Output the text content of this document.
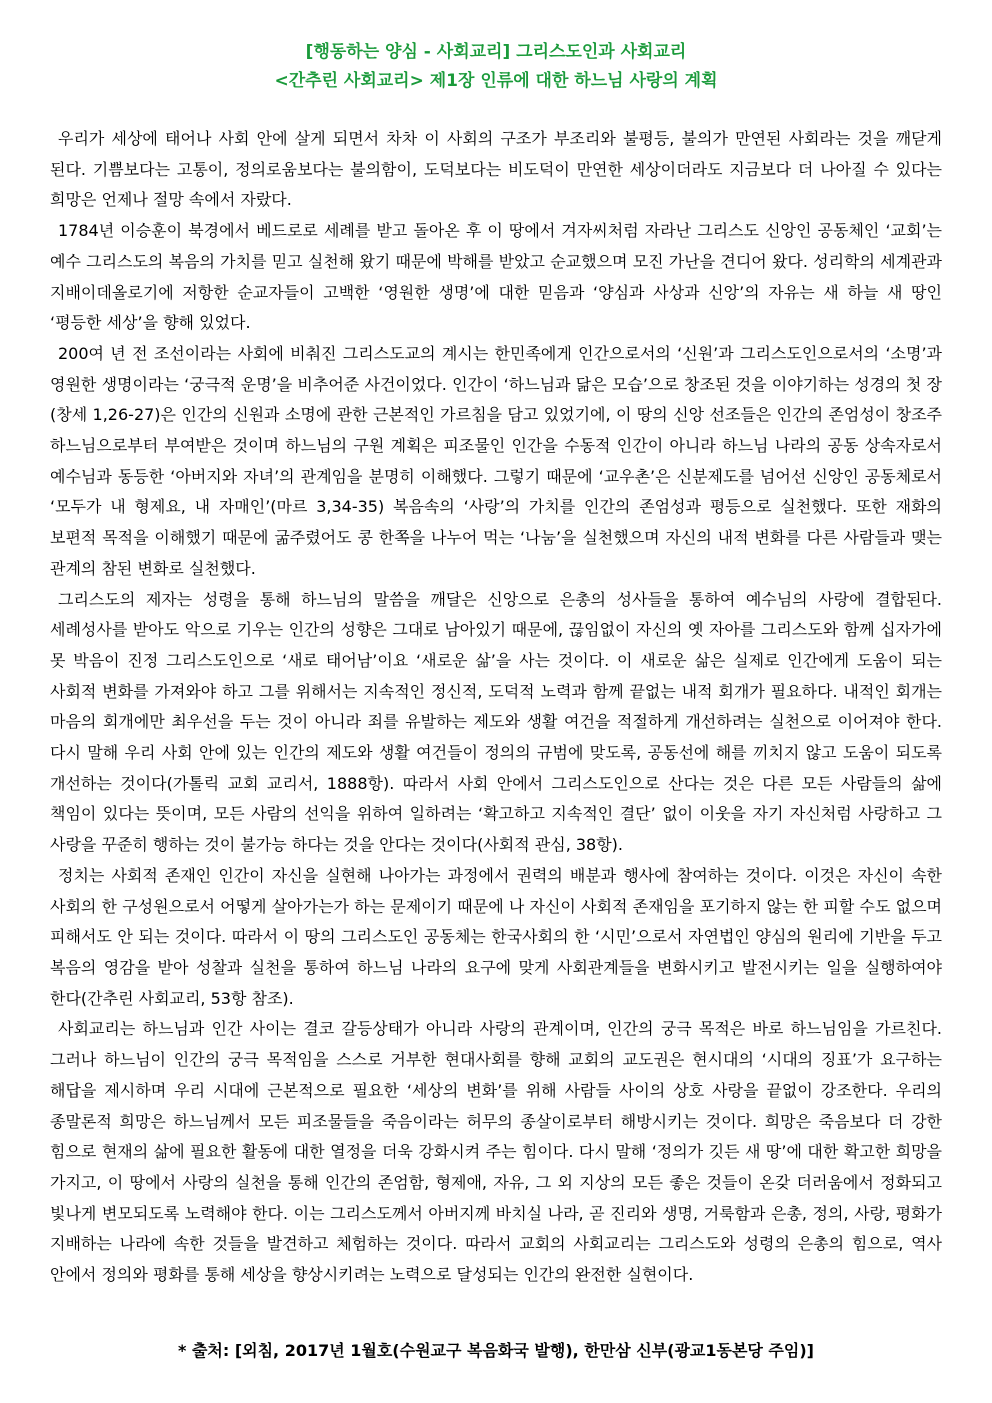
[행동하는 양심 - 사회교리] 그리스도인과 사회교리
<간추린 사회교리> 제1장 인류에 대한 하느님 사랑의 계획

우리가 세상에 태어나 사회 안에 살게 되면서 차차 이 사회의 구조가 부조리와 불평등, 불의가 만연된 사회라는 것을 깨닫게 된다. 기쁨보다는 고통이, 정의로움보다는 불의함이, 도덕보다는 비도덕이 만연한 세상이더라도 지금보다 더 나아질 수 있다는 희망은 언제나 절망 속에서 자랐다.

1784년 이승훈이 북경에서 베드로로 세례를 받고 돌아온 후 이 땅에서 겨자씨처럼 자라난 그리스도 신앙인 공동체인 ‘교회’는 예수 그리스도의 복음의 가치를 믿고 실천해 왔기 때문에 박해를 받았고 순교했으며 모진 가난을 견디어 왔다. 성리학의 세계관과 지배이데올로기에 저항한 순교자들이 고백한 ‘영원한 생명’에 대한 믿음과 ‘양심과 사상과 신앙’의 자유는 새 하늘 새 땅인 ‘평등한 세상’을 향해 있었다.

200여 년 전 조선이라는 사회에 비춰진 그리스도교의 계시는 한민족에게 인간으로서의 ‘신원’과 그리스도인으로서의 ‘소명’과 영원한 생명이라는 ‘궁극적 운명’을 비추어준 사건이었다. 인간이 ‘하느님과 닮은 모습’으로 창조된 것을 이야기하는 성경의 첫 장(창세 1,26-27)은 인간의 신원과 소명에 관한 근본적인 가르침을 담고 있었기에, 이 땅의 신앙 선조들은 인간의 존엄성이 창조주 하느님으로부터 부여받은 것이며 하느님의 구원 계획은 피조물인 인간을 수동적 인간이 아니라 하느님 나라의 공동 상속자로서 예수님과 동등한 ‘아버지와 자녀’의 관계임을 분명히 이해했다. 그렇기 때문에 ‘교우촌’은 신분제도를 넘어선 신앙인 공동체로서 ‘모두가 내 형제요, 내 자매인’(마르 3,34-35) 복음속의 ‘사랑’의 가치를 인간의 존엄성과 평등으로 실천했다. 또한 재화의 보편적 목적을 이해했기 때문에 굶주렸어도 콩 한쪽을 나누어 먹는 ‘나눔’을 실천했으며 자신의 내적 변화를 다른 사람들과 맺는 관계의 참된 변화로 실천했다.

그리스도의 제자는 성령을 통해 하느님의 말씀을 깨달은 신앙으로 은총의 성사들을 통하여 예수님의 사랑에 결합된다. 세례성사를 받아도 악으로 기우는 인간의 성향은 그대로 남아있기 때문에, 끊임없이 자신의 옛 자아를 그리스도와 함께 십자가에 못 박음이 진정 그리스도인으로 ‘새로 태어남’이요 ‘새로운 삶’을 사는 것이다. 이 새로운 삶은 실제로 인간에게 도움이 되는 사회적 변화를 가져와야 하고 그를 위해서는 지속적인 정신적, 도덕적 노력과 함께 끝없는 내적 회개가 필요하다. 내적인 회개는 마음의 회개에만 최우선을 두는 것이 아니라 죄를 유발하는 제도와 생활 여건을 적절하게 개선하려는 실천으로 이어져야 한다. 다시 말해 우리 사회 안에 있는 인간의 제도와 생활 여건들이 정의의 규범에 맞도록, 공동선에 해를 끼치지 않고 도움이 되도록 개선하는 것이다(가톨릭 교회 교리서, 1888항). 따라서 사회 안에서 그리스도인으로 산다는 것은 다른 모든 사람들의 삶에 책임이 있다는 뜻이며, 모든 사람의 선익을 위하여 일하려는 ‘확고하고 지속적인 결단’ 없이 이웃을 자기 자신처럼 사랑하고 그 사랑을 꾸준히 행하는 것이 불가능 하다는 것을 안다는 것이다(사회적 관심, 38항).

정치는 사회적 존재인 인간이 자신을 실현해 나아가는 과정에서 권력의 배분과 행사에 참여하는 것이다. 이것은 자신이 속한 사회의 한 구성원으로서 어떻게 살아가는가 하는 문제이기 때문에 나 자신이 사회적 존재임을 포기하지 않는 한 피할 수도 없으며 피해서도 안 되는 것이다. 따라서 이 땅의 그리스도인 공동체는 한국사회의 한 ‘시민’으로서 자연법인 양심의 원리에 기반을 두고 복음의 영감을 받아 성찰과 실천을 통하여 하느님 나라의 요구에 맞게 사회관계들을 변화시키고 발전시키는 일을 실행하여야 한다(간추린 사회교리, 53항 참조).

사회교리는 하느님과 인간 사이는 결코 갈등상태가 아니라 사랑의 관계이며, 인간의 궁극 목적은 바로 하느님임을 가르친다. 그러나 하느님이 인간의 궁극 목적임을 스스로 거부한 현대사회를 향해 교회의 교도권은 현시대의 ‘시대의 징표’가 요구하는 해답을 제시하며 우리 시대에 근본적으로 필요한 ‘세상의 변화’를 위해 사람들 사이의 상호 사랑을 끝없이 강조한다. 우리의 종말론적 희망은 하느님께서 모든 피조물들을 죽음이라는 허무의 종살이로부터 해방시키는 것이다. 희망은 죽음보다 더 강한 힘으로 현재의 삶에 필요한 활동에 대한 열정을 더욱 강화시켜 주는 힘이다. 다시 말해 ‘정의가 깃든 새 땅’에 대한 확고한 희망을 가지고, 이 땅에서 사랑의 실천을 통해 인간의 존엄함, 형제애, 자유, 그 외 지상의 모든 좋은 것들이 온갖 더러움에서 정화되고 빛나게 변모되도록 노력해야 한다. 이는 그리스도께서 아버지께 바치실 나라, 곧 진리와 생명, 거룩함과 은총, 정의, 사랑, 평화가 지배하는 나라에 속한 것들을 발견하고 체험하는 것이다. 따라서 교회의 사회교리는 그리스도와 성령의 은총의 힘으로, 역사 안에서 정의와 평화를 통해 세상을 향상시키려는 노력으로 달성되는 인간의 완전한 실현이다.

* 출처: [외침, 2017년 1월호(수원교구 복음화국 발행), 한만삼 신부(광교1동본당 주임)]
